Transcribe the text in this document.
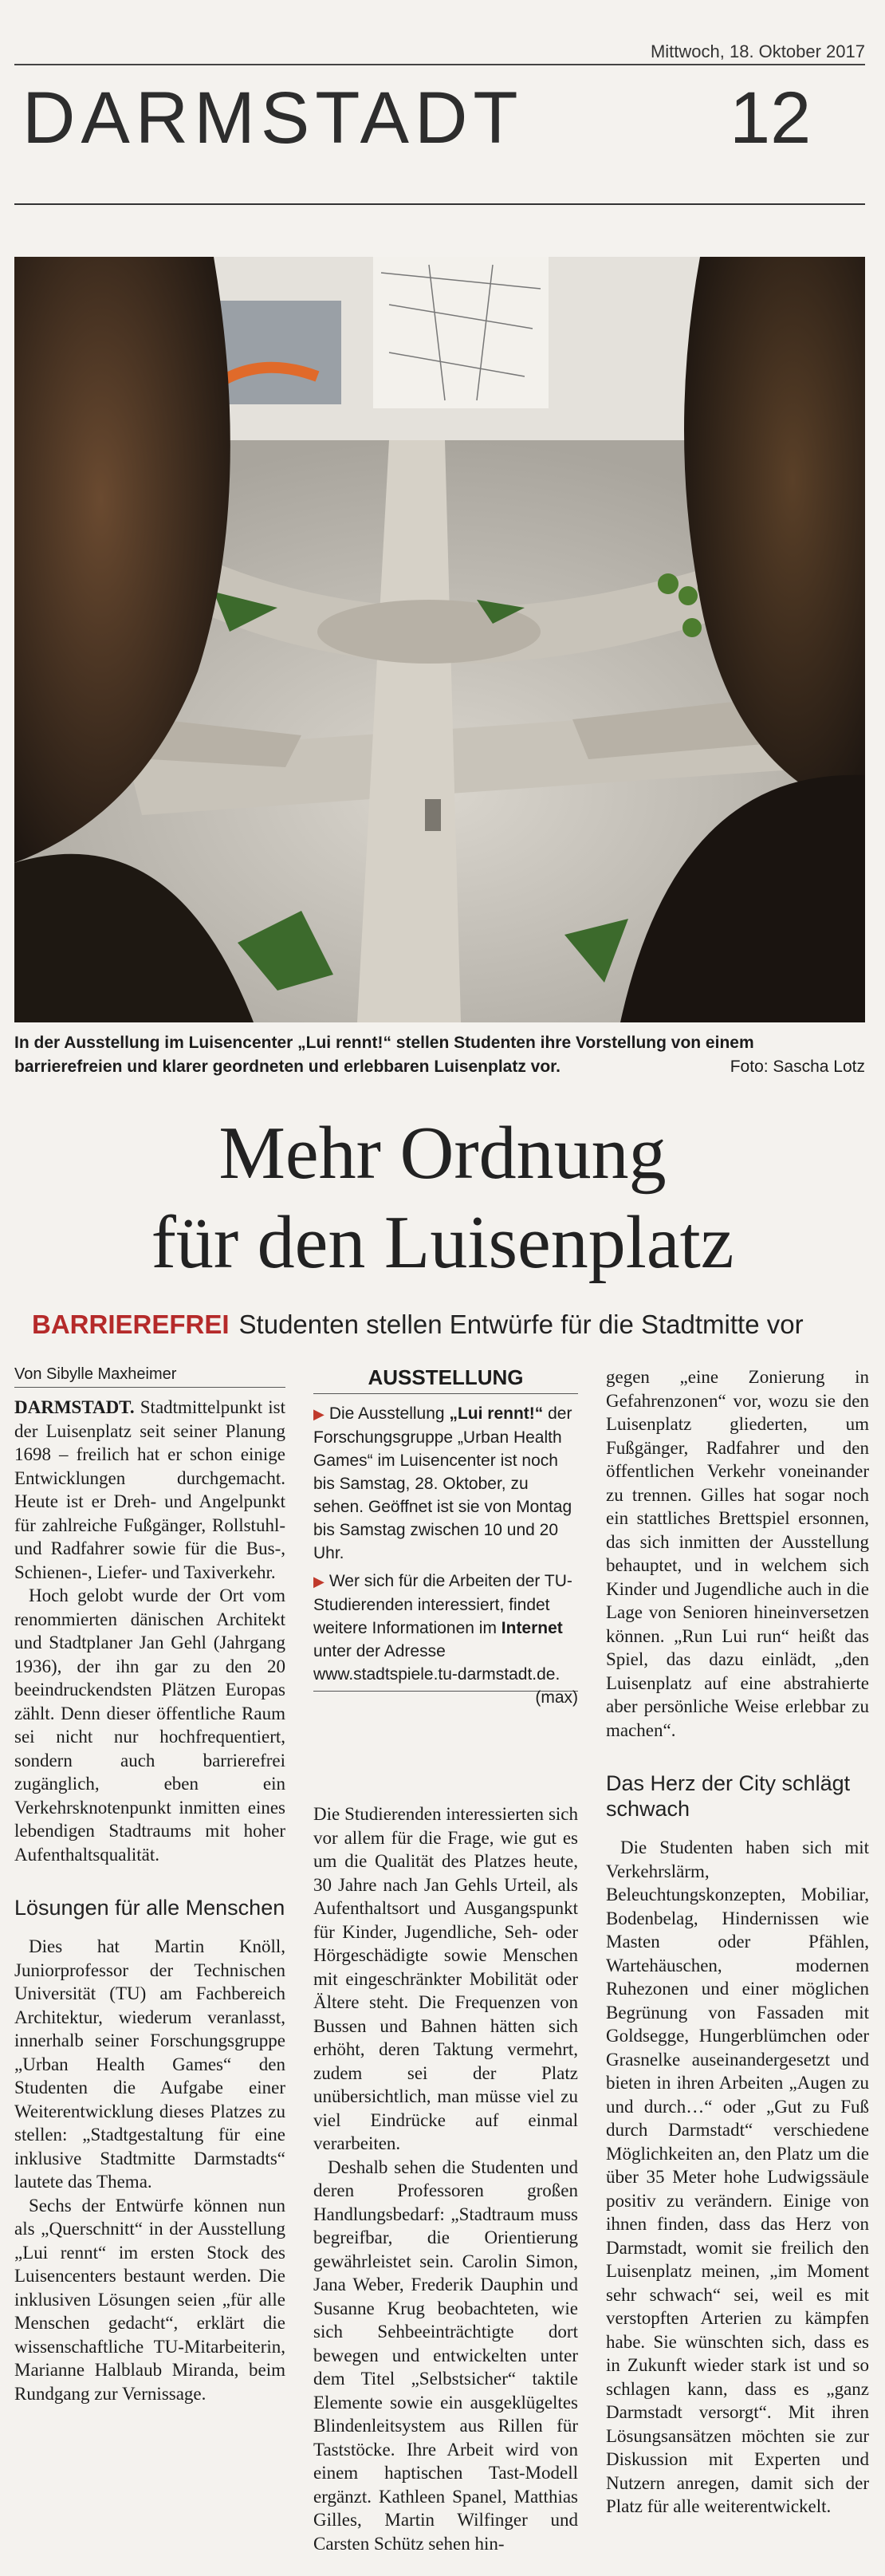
Mittwoch, 18. Oktober 2017
DARMSTADT	12
In der Ausstellung im Luisencenter „Lui rennt!“ stellen Studenten ihre Vorstellung von einem barrierefreien und klarer geordneten und erlebbaren Luisenplatz vor.	Foto: Sascha Lotz
Mehr Ordnung
für den Luisenplatz
BARRIEREFREI Studenten stellen Entwürfe für die Stadtmitte vor
Von Sibylle Maxheimer

DARMSTADT. Stadtmittelpunkt ist der Luisenplatz seit seiner Planung 1698 – freilich hat er schon einige Entwicklungen durchgemacht. Heute ist er Dreh- und Angelpunkt für zahlreiche Fußgänger, Rollstuhl- und Radfahrer sowie für die Bus-, Schienen-, Liefer- und Taxiverkehr.

Hoch gelobt wurde der Ort vom renommierten dänischen Architekt und Stadtplaner Jan Gehl (Jahrgang 1936), der ihn gar zu den 20 beeindruckendsten Plätzen Europas zählt. Denn dieser öffentliche Raum sei nicht nur hochfrequentiert, sondern auch barrierefrei zugänglich, eben ein Verkehrsknotenpunkt inmitten eines lebendigen Stadtraums mit hoher Aufenthaltsqualität.

Lösungen für alle Menschen

Dies hat Martin Knöll, Juniorprofessor der Technischen Universität (TU) am Fachbereich Architektur, wiederum veranlasst, innerhalb seiner Forschungsgruppe „Urban Health Games“ den Studenten die Aufgabe einer Weiterentwicklung dieses Platzes zu stellen: „Stadtgestaltung für eine inklusive Stadtmitte Darmstadts“ lautete das Thema.

Sechs der Entwürfe können nun als „Querschnitt“ in der Ausstellung „Lui rennt“ im ersten Stock des Luisencenters bestaunt werden. Die inklusiven Lösungen seien „für alle Menschen gedacht“, erklärt die wissenschaftliche TU-Mitarbeiterin, Marianne Halblaub Miranda, beim Rundgang zur Vernissage.

AUSSTELLUNG
▶ Die Ausstellung „Lui rennt!“ der Forschungsgruppe „Urban Health Games“ im Luisencenter ist noch bis Samstag, 28. Oktober, zu sehen. Geöffnet ist sie von Montag bis Samstag zwischen 10 und 20 Uhr.
▶ Wer sich für die Arbeiten der TU-Studierenden interessiert, findet weitere Informationen im Internet unter der Adresse www.stadtspiele.tu-darmstadt.de.
(max)

Die Studierenden interessierten sich vor allem für die Frage, wie gut es um die Qualität des Platzes heute, 30 Jahre nach Jan Gehls Urteil, als Aufenthaltsort und Ausgangspunkt für Kinder, Jugendliche, Seh- oder Hörgeschädigte sowie Menschen mit eingeschränkter Mobilität oder Ältere steht. Die Frequenzen von Bussen und Bahnen hätten sich erhöht, deren Taktung vermehrt, zudem sei der Platz unübersichtlich, man müsse viel zu viel Eindrücke auf einmal verarbeiten.

Deshalb sehen die Studenten und deren Professoren großen Handlungsbedarf: „Stadtraum muss begreifbar, die Orientierung gewährleistet sein. Carolin Simon, Jana Weber, Frederik Dauphin und Susanne Krug beobachteten, wie sich Sehbeeinträchtigte dort bewegen und entwickelten unter dem Titel „Selbstsicher“ taktile Elemente sowie ein ausgeklügeltes Blindenleitsystem aus Rillen für Taststöcke. Ihre Arbeit wird von einem haptischen Tast-Modell ergänzt. Kathleen Spanel, Matthias Gilles, Martin Wilfinger und Carsten Schütz sehen hin-

gegen „eine Zonierung in Gefahrenzonen“ vor, wozu sie den Luisenplatz gliederten, um Fußgänger, Radfahrer und den öffentlichen Verkehr voneinander zu trennen. Gilles hat sogar noch ein stattliches Brettspiel ersonnen, das sich inmitten der Ausstellung behauptet, und in welchem sich Kinder und Jugendliche auch in die Lage von Senioren hineinversetzen können. „Run Lui run“ heißt das Spiel, das dazu einlädt, „den Luisenplatz auf eine abstrahierte aber persönliche Weise erlebbar zu machen“.

Das Herz der City schlägt schwach

Die Studenten haben sich mit Verkehrslärm, Beleuchtungskonzepten, Mobiliar, Bodenbelag, Hindernissen wie Masten oder Pfählen, Wartehäuschen, modernen Ruhezonen und einer möglichen Begrünung von Fassaden mit Goldsegge, Hungerblümchen oder Grasnelke auseinandergesetzt und bieten in ihren Arbeiten „Augen zu und durch…“ oder „Gut zu Fuß durch Darmstadt“ verschiedene Möglichkeiten an, den Platz um die über 35 Meter hohe Ludwigssäule positiv zu verändern. Einige von ihnen finden, dass das Herz von Darmstadt, womit sie freilich den Luisenplatz meinen, „im Moment sehr schwach“ sei, weil es mit verstopften Arterien zu kämpfen habe. Sie wünschten sich, dass es in Zukunft wieder stark ist und so schlagen kann, dass es „ganz Darmstadt versorgt“. Mit ihren Lösungsansätzen möchten sie zur Diskussion mit Experten und Nutzern anregen, damit sich der Platz für alle weiterentwickelt.
